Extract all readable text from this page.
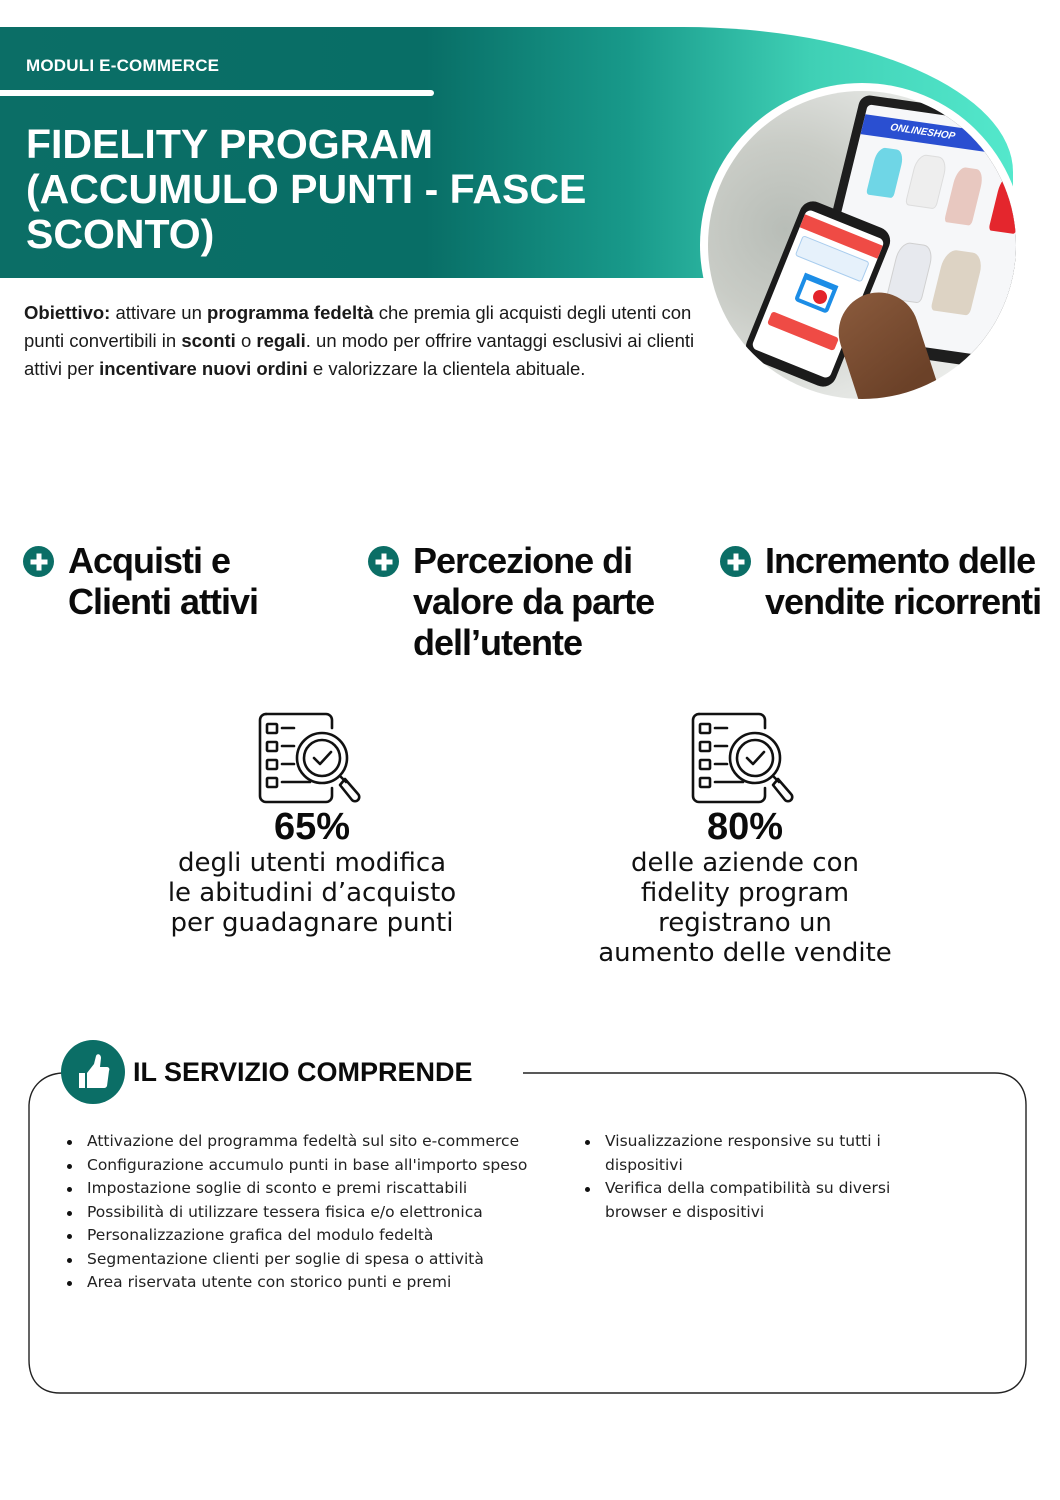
MODULI E-COMMERCE
FIDELITY PROGRAM
(ACCUMULO PUNTI - FASCE
SCONTO)
ONLINESHOP

Obiettivo: attivare un programma fedeltà che premia gli acquisti degli utenti con punti convertibili in sconti o regali. un modo per offrire vantaggi esclusivi ai clienti attivi per incentivare nuovi ordini e valorizzare la clientela abituale.

Acquisti e Clienti attivi
Percezione di valore da parte dell’utente
Incremento delle vendite ricorrenti
65%
degli utenti modifica
le abitudini d’acquisto
per guadagnare punti
80%
delle aziende con
fidelity program
registrano un
aumento delle vendite
IL SERVIZIO COMPRENDE
Attivazione del programma fedeltà sul sito e-commerce
Configurazione accumulo punti in base all'importo speso
Impostazione soglie di sconto e premi riscattabili
Possibilità di utilizzare tessera fisica e/o elettronica
Personalizzazione grafica del modulo fedeltà
Segmentazione clienti per soglie di spesa o attività
Area riservata utente con storico punti e premi
Visualizzazione responsive su tutti i dispositivi
Verifica della compatibilità su diversi browser e dispositivi
